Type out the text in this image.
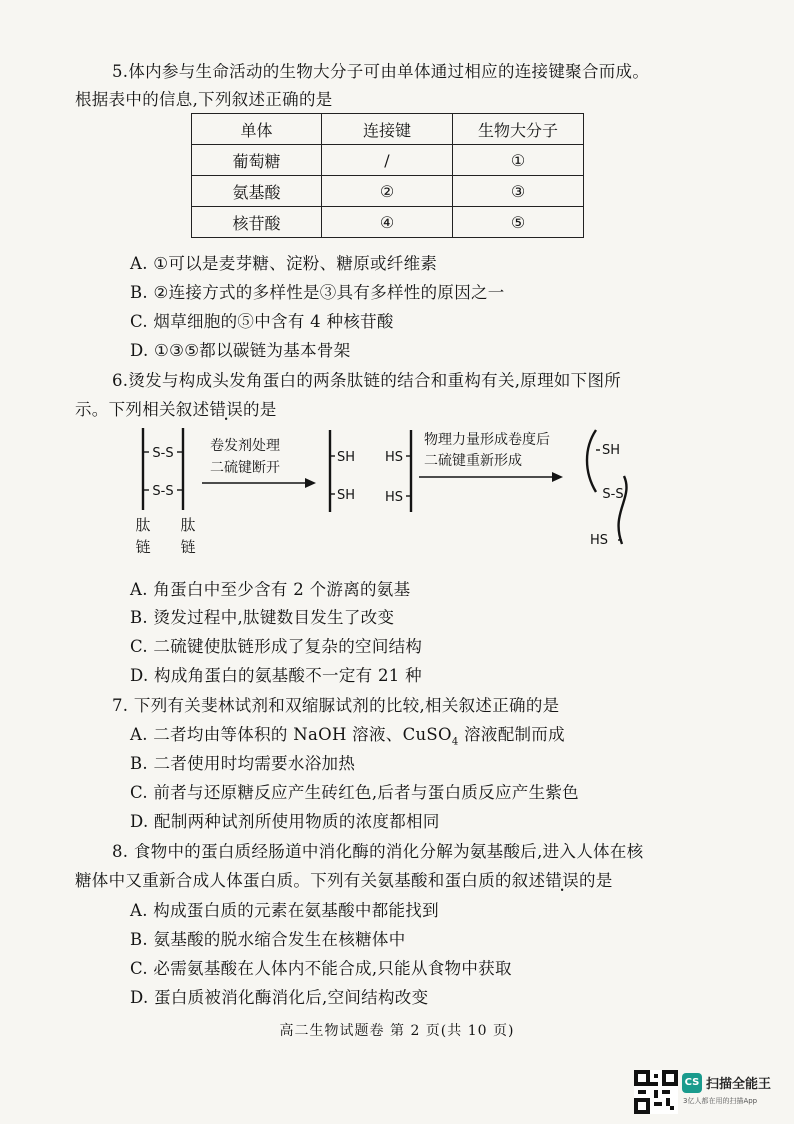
5.体内参与生命活动的生物大分子可由单体通过相应的连接键聚合而成。
根据表中的信息,下列叙述正确的是
单体	连接键	生物大分子
葡萄糖	/	①
氨基酸	②	③
核苷酸	④	⑤
A. ①可以是麦芽糖、淀粉、糖原或纤维素
B. ②连接方式的多样性是③具有多样性的原因之一
C. 烟草细胞的⑤中含有 4 种核苷酸
D. ①③⑤都以碳链为基本骨架
6.烫发与构成头发角蛋白的两条肽链的结合和重构有关,原理如下图所
示。下列相关叙述错误的是
S-S
S-S
肽
链
肽
链
卷发剂处理
二硫键断开
SH
SH
HS
HS
物理力量形成卷度后
二硫键重新形成
SH
S-S
HS
A. 角蛋白中至少含有 2 个游离的氨基
B. 烫发过程中,肽键数目发生了改变
C. 二硫键使肽链形成了复杂的空间结构
D. 构成角蛋白的氨基酸不一定有 21 种
7. 下列有关斐林试剂和双缩脲试剂的比较,相关叙述正确的是
A. 二者均由等体积的 NaOH 溶液、CuSO$_4$ 溶液配制而成
B. 二者使用时均需要水浴加热
C. 前者与还原糖反应产生砖红色,后者与蛋白质反应产生紫色
D. 配制两种试剂所使用物质的浓度都相同
8. 食物中的蛋白质经肠道中消化酶的消化分解为氨基酸后,进入人体在核
糖体中又重新合成人体蛋白质。下列有关氨基酸和蛋白质的叙述错误的是
A. 构成蛋白质的元素在氨基酸中都能找到
B. 氨基酸的脱水缩合发生在核糖体中
C. 必需氨基酸在人体内不能合成,只能从食物中获取
D. 蛋白质被消化酶消化后,空间结构改变
高二生物试题卷 第 2 页(共 10 页)
CS 扫描全能王
3亿人都在用的扫描App
